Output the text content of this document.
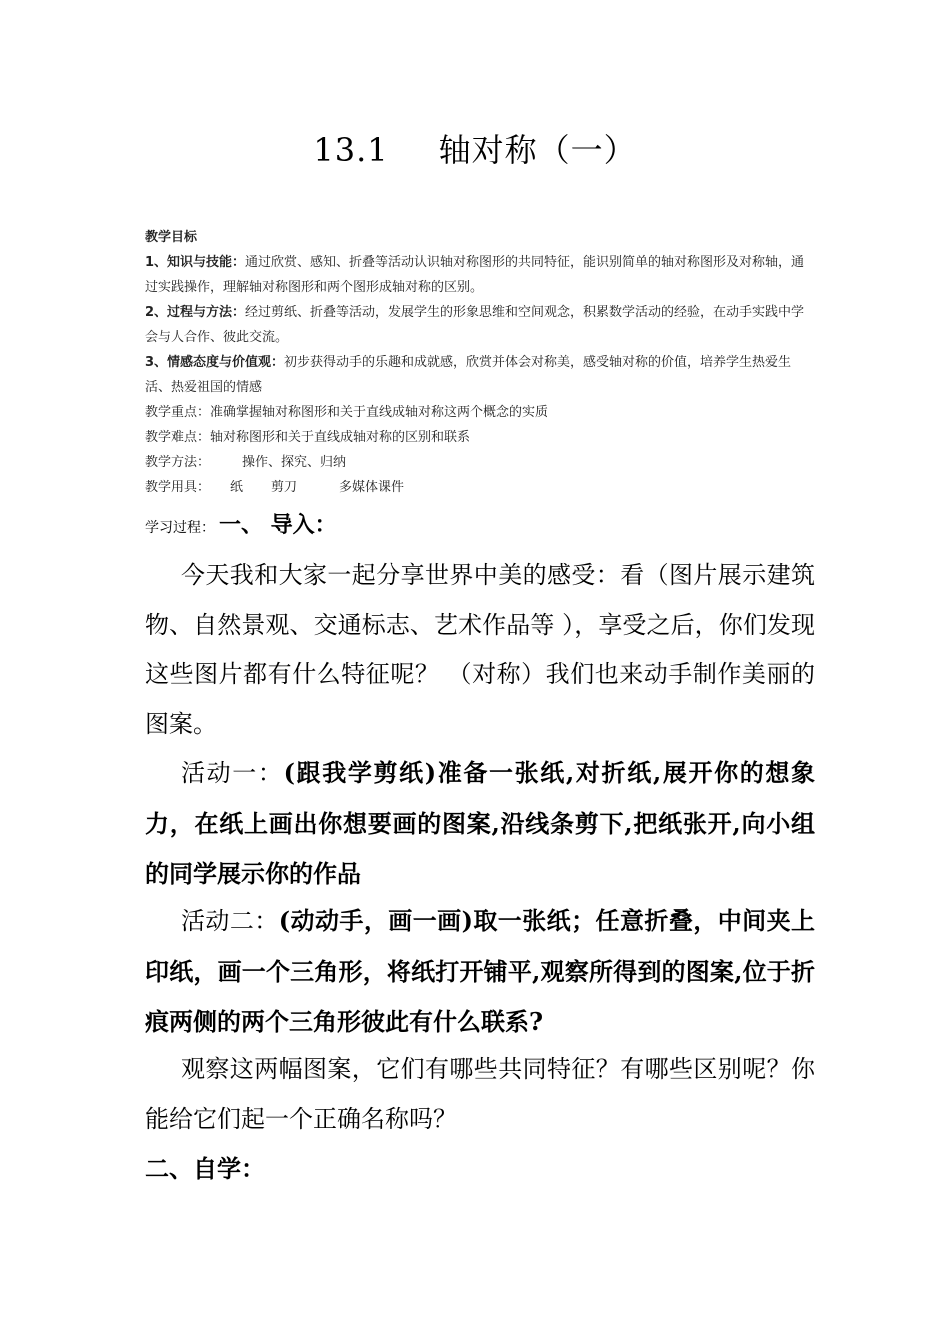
13.1 轴对称（一）
教学目标
1、知识与技能：通过欣赏、感知、折叠等活动认识轴对称图形的共同特征，能识别简单的轴对称图形及对称轴，通过实践操作，理解轴对称图形和两个图形成轴对称的区别。
2、过程与方法：经过剪纸、折叠等活动，发展学生的形象思维和空间观念，积累数学活动的经验，在动手实践中学会与人合作、彼此交流。
3、情感态度与价值观：初步获得动手的乐趣和成就感，欣赏并体会对称美，感受轴对称的价值，培养学生热爱生活、热爱祖国的情感
教学重点：准确掌握轴对称图形和关于直线成轴对称这两个概念的实质
教学难点：轴对称图形和关于直线成轴对称的区别和联系
教学方法： 操作、探究、归纳
教学用具： 纸 剪刀	多媒体课件
学习过程： 一、 导入：
今天我和大家一起分享世界中美的感受：看（图片展示建筑物、自然景观、交通标志、艺术作品等 ），享受之后，你们发现这些图片都有什么特征呢？ （对称）我们也来动手制作美丽的图案。
活动一：(跟我学剪纸)准备一张纸,对折纸,展开你的想象力，在纸上画出你想要画的图案,沿线条剪下,把纸张开,向小组的同学展示你的作品
活动二：(动动手，画一画)取一张纸；任意折叠，中间夹上印纸，画一个三角形，将纸打开铺平,观察所得到的图案,位于折痕两侧的两个三角形彼此有什么联系?
观察这两幅图案，它们有哪些共同特征？有哪些区别呢？你能给它们起一个正确名称吗？
二、自学：
